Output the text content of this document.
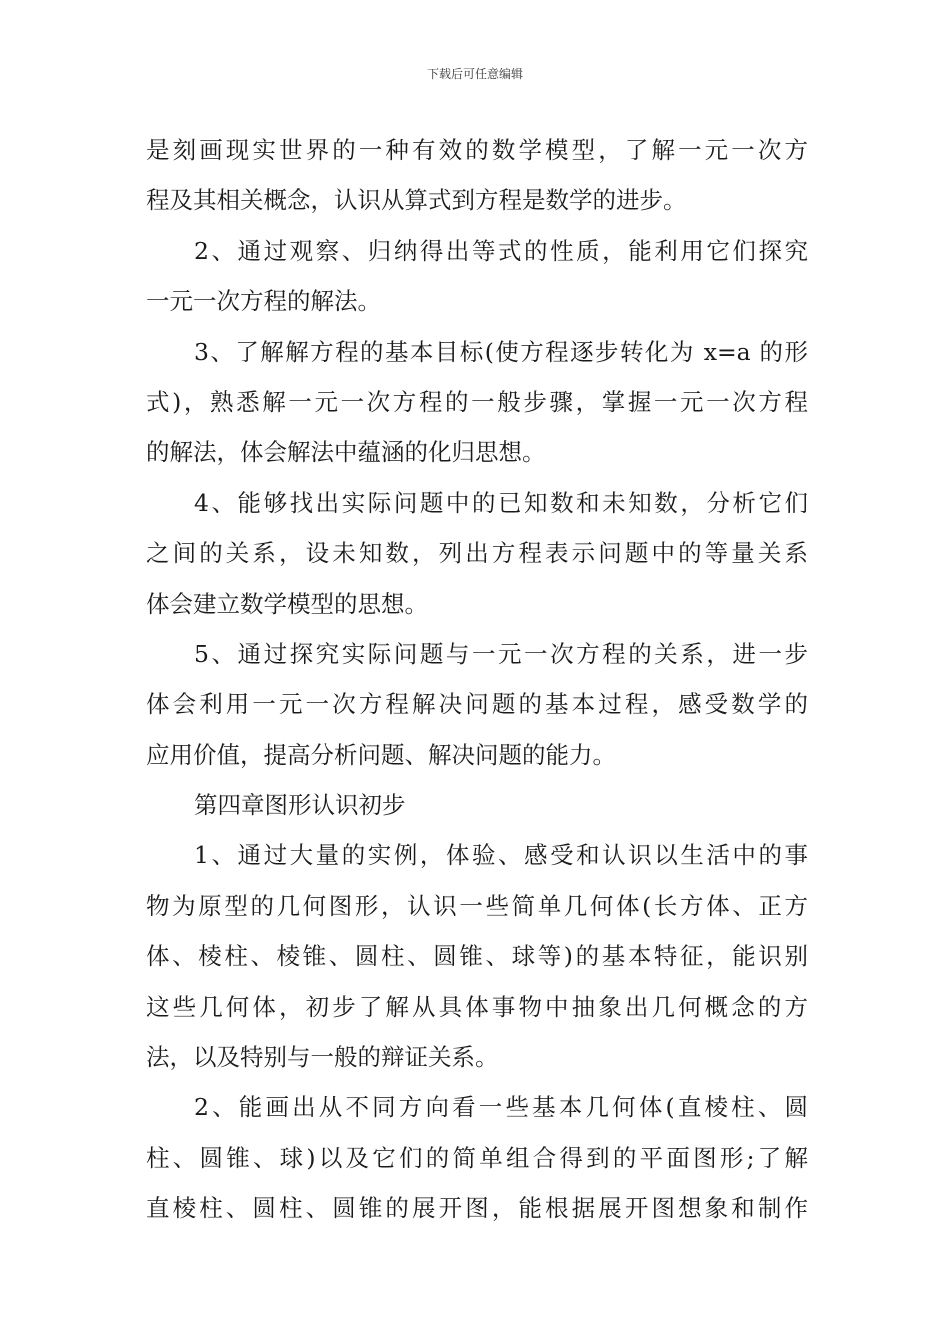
下载后可任意编辑
是刻画现实世界的一种有效的数学模型，了解一元一次方
程及其相关概念，认识从算式到方程是数学的进步。
2、通过观察、归纳得出等式的性质，能利用它们探究
一元一次方程的解法。
3、了解解方程的基本目标(使方程逐步转化为 x=a 的形
式)，熟悉解一元一次方程的一般步骤，掌握一元一次方程
的解法，体会解法中蕴涵的化归思想。
4、能够找出实际问题中的已知数和未知数，分析它们
之间的关系，设未知数，列出方程表示问题中的等量关系
体会建立数学模型的思想。
5、通过探究实际问题与一元一次方程的关系，进一步
体会利用一元一次方程解决问题的基本过程，感受数学的
应用价值，提高分析问题、解决问题的能力。
第四章图形认识初步
1、通过大量的实例，体验、感受和认识以生活中的事
物为原型的几何图形，认识一些简单几何体(长方体、正方
体、棱柱、棱锥、圆柱、圆锥、球等)的基本特征，能识别
这些几何体，初步了解从具体事物中抽象出几何概念的方
法，以及特别与一般的辩证关系。
2、能画出从不同方向看一些基本几何体(直棱柱、圆
柱、圆锥、球)以及它们的简单组合得到的平面图形;了解
直棱柱、圆柱、圆锥的展开图，能根据展开图想象和制作
